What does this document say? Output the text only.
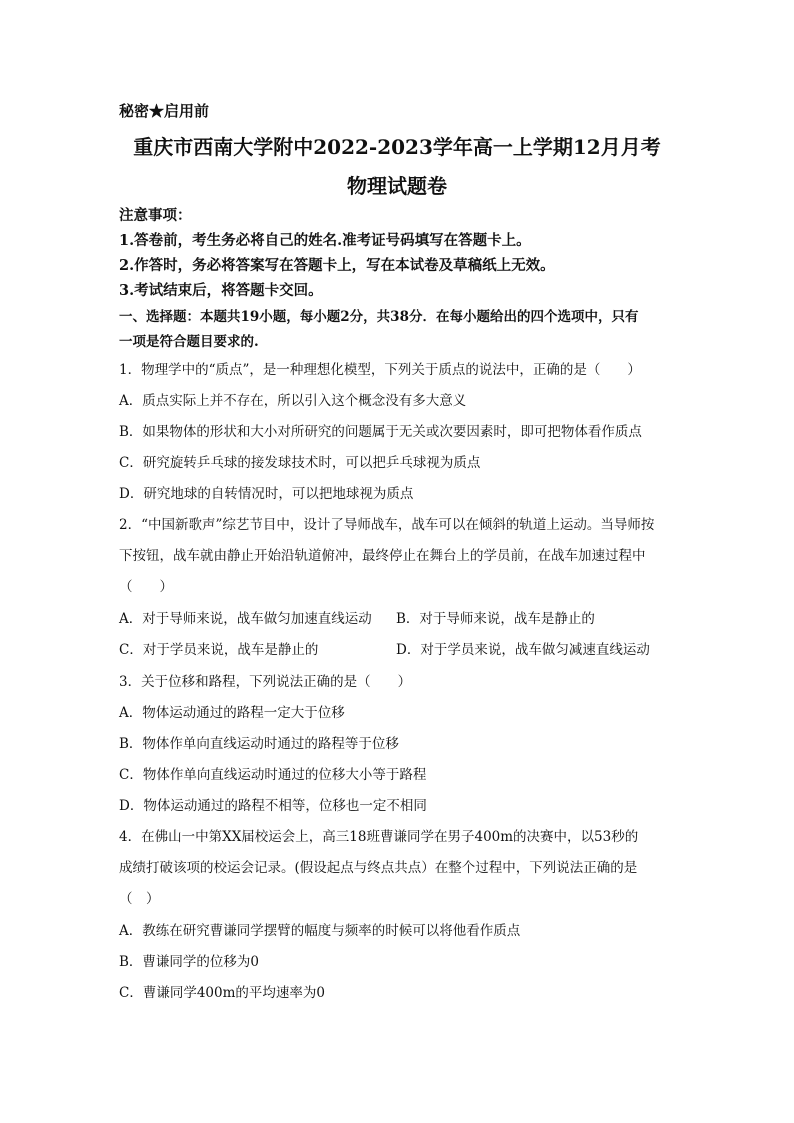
秘密★启用前
重庆市西南大学附中2022-2023学年高一上学期12月月考
物理试题卷
注意事项：
1.答卷前，考生务必将自己的姓名.准考证号码填写在答题卡上。
2.作答时，务必将答案写在答题卡上，写在本试卷及草稿纸上无效。
3.考试结束后，将答题卡交回。
一、选择题：本题共19小题，每小题2分，共38分．在每小题给出的四个选项中，只有
一项是符合题目要求的.
1．物理学中的“质点”，是一种理想化模型，下列关于质点的说法中，正确的是（　　）
A．质点实际上并不存在，所以引入这个概念没有多大意义
B．如果物体的形状和大小对所研究的问题属于无关或次要因素时，即可把物体看作质点
C．研究旋转乒乓球的接发球技术时，可以把乒乓球视为质点
D．研究地球的自转情况时，可以把地球视为质点
2．“中国新歌声”综艺节目中，设计了导师战车，战车可以在倾斜的轨道上运动。当导师按
下按钮，战车就由静止开始沿轨道俯冲，最终停止在舞台上的学员前，在战车加速过程中
（　　）
A．对于导师来说，战车做匀加速直线运动 B．对于导师来说，战车是静止的
C．对于学员来说，战车是静止的	D．对于学员来说，战车做匀减速直线运动
3．关于位移和路程，下列说法正确的是（　　）
A．物体运动通过的路程一定大于位移
B．物体作单向直线运动时通过的路程等于位移
C．物体作单向直线运动时通过的位移大小等于路程
D．物体运动通过的路程不相等，位移也一定不相同
4．在佛山一中第XX届校运会上，高三18班曹谦同学在男子400m的决赛中，以53秒的
成绩打破该项的校运会记录。(假设起点与终点共点）在整个过程中，下列说法正确的是
（　）
A．教练在研究曹谦同学摆臂的幅度与频率的时候可以将他看作质点
B．曹谦同学的位移为0
C．曹谦同学400m的平均速率为0
